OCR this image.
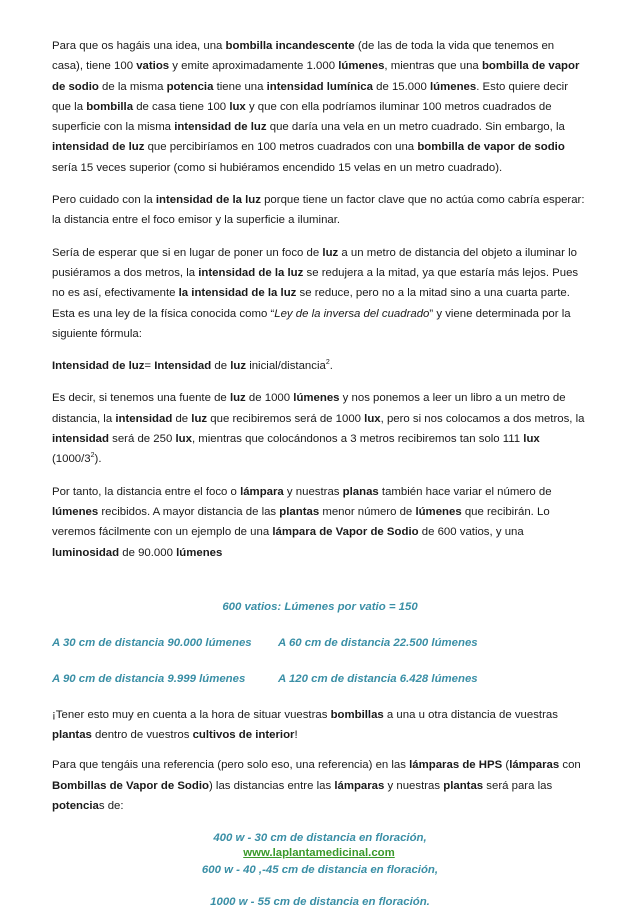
Para que os hagáis una idea, una bombilla incandescente (de las de toda la vida que tenemos en casa), tiene 100 vatios y emite aproximadamente 1.000 lúmenes, mientras que una bombilla de vapor de sodio de la misma potencia tiene una intensidad lumínica de 15.000 lúmenes. Esto quiere decir que la bombilla de casa tiene 100 lux y que con ella podríamos iluminar 100 metros cuadrados de superficie con la misma intensidad de luz que daría una vela en un metro cuadrado. Sin embargo, la intensidad de luz que percibiríamos en 100 metros cuadrados con una bombilla de vapor de sodio sería 15 veces superior (como si hubiéramos encendido 15 velas en un metro cuadrado).

Pero cuidado con la intensidad de la luz porque tiene un factor clave que no actúa como cabría esperar: la distancia entre el foco emisor y la superficie a iluminar.

Sería de esperar que si en lugar de poner un foco de luz a un metro de distancia del objeto a iluminar lo pusiéramos a dos metros, la intensidad de la luz se redujera a la mitad, ya que estaría más lejos. Pues no es así, efectivamente la intensidad de la luz se reduce, pero no a la mitad sino a una cuarta parte. Esta es una ley de la física conocida como “Ley de la inversa del cuadrado” y viene determinada por la siguiente fórmula:

Intensidad de luz= Intensidad de luz inicial/distancia$^2$.

Es decir, si tenemos una fuente de luz de 1000 lúmenes y nos ponemos a leer un libro a un metro de distancia, la intensidad de luz que recibiremos será de 1000 lux, pero si nos colocamos a dos metros, la intensidad será de 250 lux, mientras que colocándonos a 3 metros recibiremos tan solo 111 lux $(1000/3^2)$.

Por tanto, la distancia entre el foco o lámpara y nuestras planas también hace variar el número de lúmenes recibidos. A mayor distancia de las plantas menor número de lúmenes que recibirán. Lo veremos fácilmente con un ejemplo de una lámpara de Vapor de Sodio de 600 vatios, y una luminosidad de 90.000 lúmenes

600 vatios: Lúmenes por vatio = 150
A 30 cm de distancia 90.000 lúmenes	A 60 cm de distancia 22.500 lúmenes
A 90 cm de distancia 9.999 lúmenes	A 120 cm de distancia 6.428 lúmenes

¡Tener esto muy en cuenta a la hora de situar vuestras bombillas a una u otra distancia de vuestras plantas dentro de vuestros cultivos de interior!

Para que tengáis una referencia (pero solo eso, una referencia) en las lámparas de HPS (lámparas con Bombillas de Vapor de Sodio) las distancias entre las lámparas y nuestras plantas será para las potencias de:

400 w - 30 cm de distancia en floración,
600 w - 40 ,-45 cm de distancia en floración,
1000 w - 55 cm de distancia en floración.
www.laplantamedicinal.com
